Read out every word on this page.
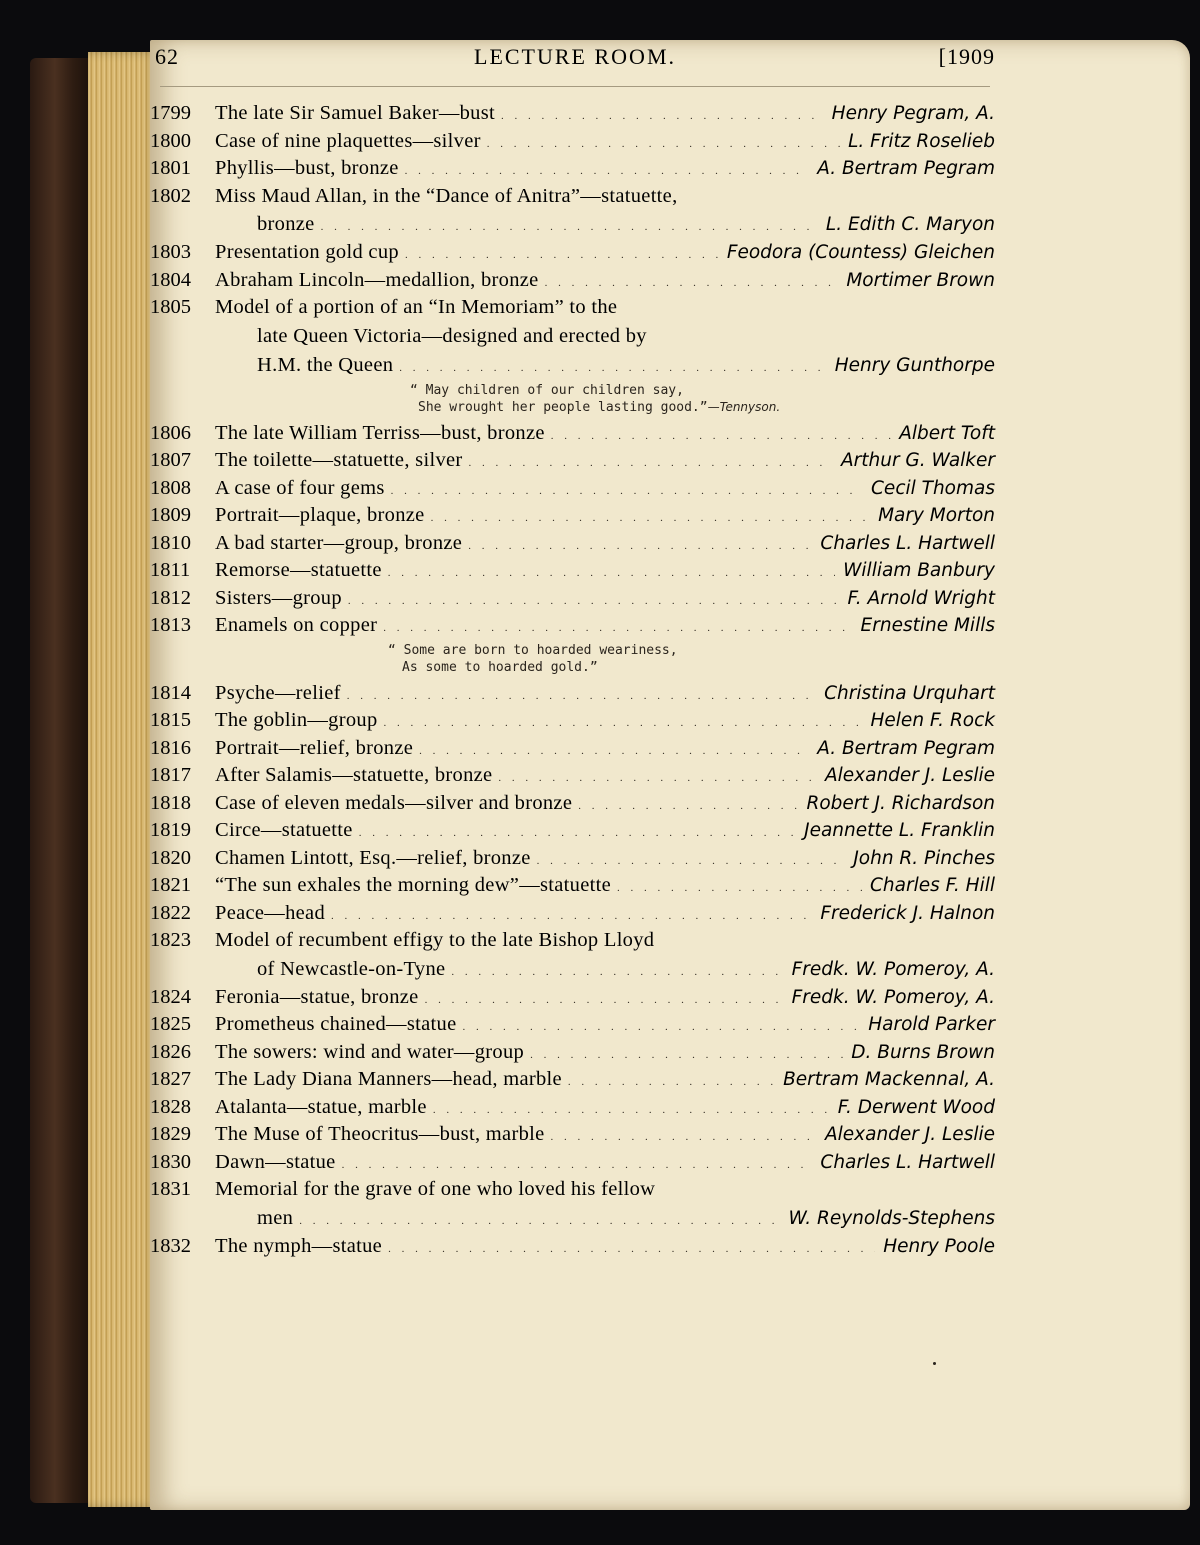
62	LECTURE ROOM.	[1909
1799	The late Sir Samuel Baker—bust . . .	Henry Pegram, A.
1800	Case of nine plaquettes—silver . . .	L. Fritz Roselieb
1801	Phyllis—bust, bronze . . .	A. Bertram Pegram
1802	Miss Maud Allan, in the “Dance of Anitra”—statuette,
bronze . . .	L. Edith C. Maryon
1803	Presentation gold cup . . .	Feodora (Countess) Gleichen
1804	Abraham Lincoln—medallion, bronze . . .	Mortimer Brown
1805	Model of a portion of an “In Memoriam” to the
late Queen Victoria—designed and erected by
H.M. the Queen . . .	Henry Gunthorpe
“ May children of our children say,
She wrought her people lasting good.”—Tennyson.
1806	The late William Terriss—bust, bronze . . .	Albert Toft
1807	The toilette—statuette, silver . . .	Arthur G. Walker
1808	A case of four gems . . .	Cecil Thomas
1809	Portrait—plaque, bronze . . .	Mary Morton
1810	A bad starter—group, bronze . . .	Charles L. Hartwell
1811	Remorse—statuette . . .	William Banbury
1812	Sisters—group . . .	F. Arnold Wright
1813	Enamels on copper . . .	Ernestine Mills
“ Some are born to hoarded weariness,
As some to hoarded gold.”
1814	Psyche—relief . . .	Christina Urquhart
1815	The goblin—group . . .	Helen F. Rock
1816	Portrait—relief, bronze . . .	A. Bertram Pegram
1817	After Salamis—statuette, bronze . . .	Alexander J. Leslie
1818	Case of eleven medals—silver and bronze . . .	Robert J. Richardson
1819	Circe—statuette . . .	Jeannette L. Franklin
1820	Chamen Lintott, Esq.—relief, bronze . . .	John R. Pinches
1821	“The sun exhales the morning dew”—statuette . . .	Charles F. Hill
1822	Peace—head . . .	Frederick J. Halnon
1823	Model of recumbent effigy to the late Bishop Lloyd
of Newcastle-on-Tyne . . .	Fredk. W. Pomeroy, A.
1824	Feronia—statue, bronze . . .	Fredk. W. Pomeroy, A.
1825	Prometheus chained—statue . . .	Harold Parker
1826	The sowers: wind and water—group . . .	D. Burns Brown
1827	The Lady Diana Manners—head, marble . . .	Bertram Mackennal, A.
1828	Atalanta—statue, marble . . .	F. Derwent Wood
1829	The Muse of Theocritus—bust, marble . . .	Alexander J. Leslie
1830	Dawn—statue . . .	Charles L. Hartwell
1831	Memorial for the grave of one who loved his fellow
men . . .	W. Reynolds-Stephens
1832	The nymph—statue . . .	Henry Poole
